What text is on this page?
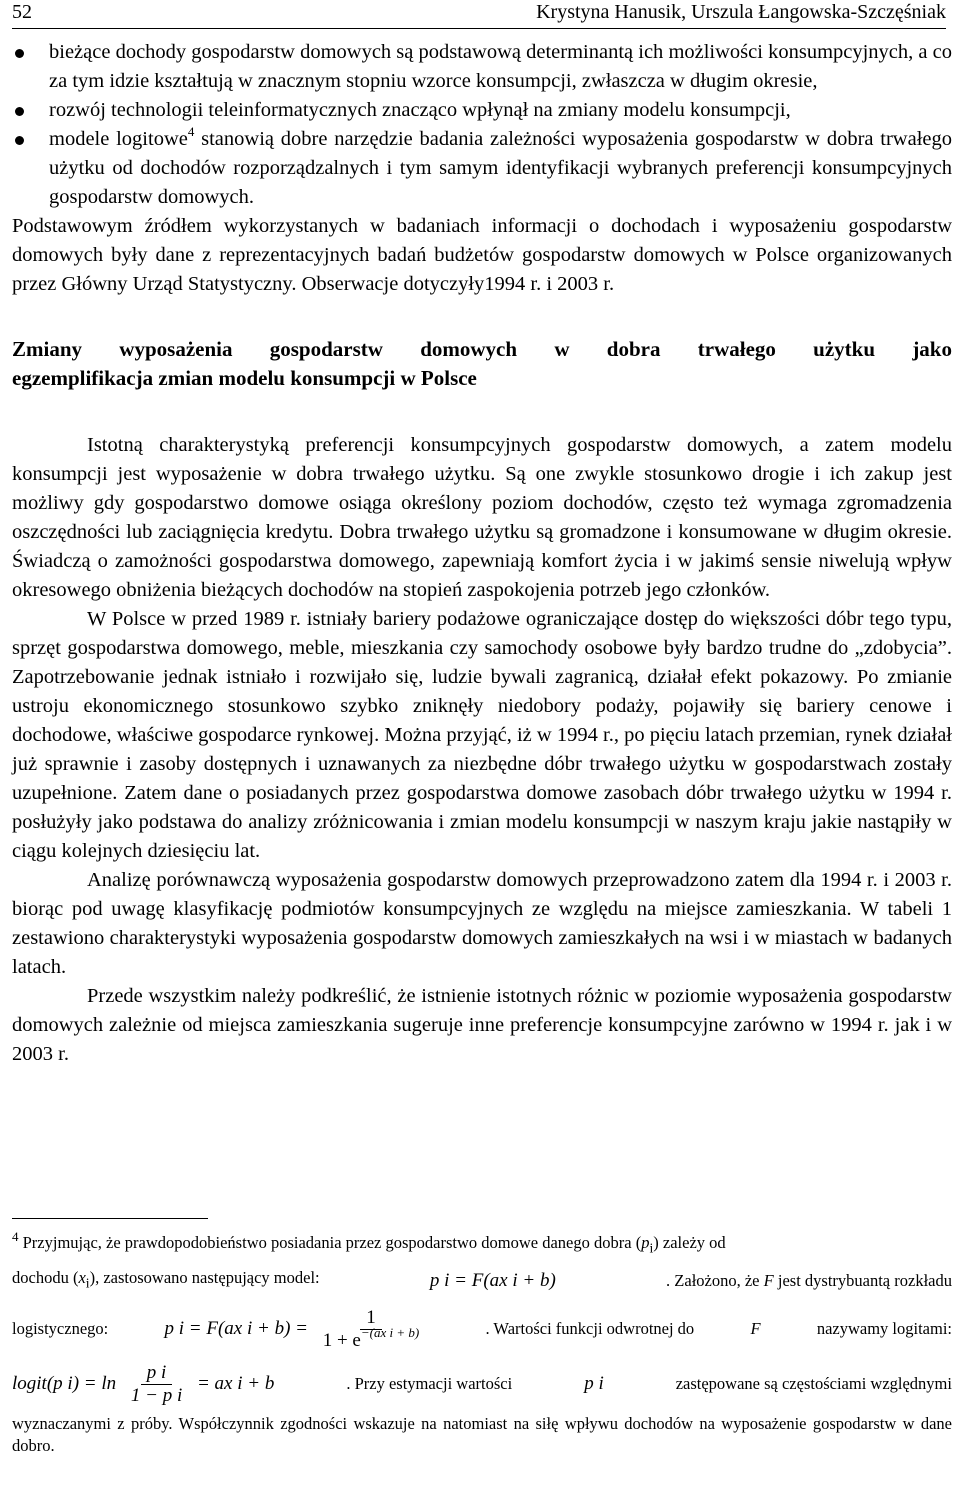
52	Krystyna Hanusik, Urszula Łangowska-Szczęśniak
bieżące dochody gospodarstw domowych są podstawową determinantą ich możliwości konsumpcyjnych, a co za tym idzie kształtują w znacznym stopniu wzorce konsumpcji, zwłaszcza w długim okresie,
rozwój technologii teleinformatycznych znacząco wpłynął na zmiany modelu konsumpcji,
modele logitowe$^4$ stanowią dobre narzędzie badania zależności wyposażenia gospodarstw w dobra trwałego użytku od dochodów rozporządzalnych i tym samym identyfikacji wybranych preferencji konsumpcyjnych gospodarstw domowych.

Podstawowym źródłem wykorzystanych w badaniach informacji o dochodach i wyposażeniu gospodarstw domowych były dane z reprezentacyjnych badań budżetów gospodarstw domowych w Polsce organizowanych przez Główny Urząd Statystyczny. Obserwacje dotyczyły1994 r. i 2003 r.

Zmiany wyposażenia gospodarstw domowych w dobra trwałego użytku jako
egzemplifikacja zmian modelu konsumpcji w Polsce

Istotną charakterystyką preferencji konsumpcyjnych gospodarstw domowych, a zatem modelu konsumpcji jest wyposażenie w dobra trwałego użytku. Są one zwykle stosunkowo drogie i ich zakup jest możliwy gdy gospodarstwo domowe osiąga określony poziom dochodów, często też wymaga zgromadzenia oszczędności lub zaciągnięcia kredytu. Dobra trwałego użytku są gromadzone i konsumowane w długim okresie. Świadczą o zamożności gospodarstwa domowego, zapewniają komfort życia i w jakimś sensie niwelują wpływ okresowego obniżenia bieżących dochodów na stopień zaspokojenia potrzeb jego członków.

W Polsce w przed 1989 r. istniały bariery podażowe ograniczające dostęp do większości dóbr tego typu, sprzęt gospodarstwa domowego, meble, mieszkania czy samochody osobowe były bardzo trudne do „zdobycia”. Zapotrzebowanie jednak istniało i rozwijało się, ludzie bywali zagranicą, działał efekt pokazowy. Po zmianie ustroju ekonomicznego stosunkowo szybko zniknęły niedobory podaży, pojawiły się bariery cenowe i dochodowe, właściwe gospodarce rynkowej. Można przyjąć, iż w 1994 r., po pięciu latach przemian, rynek działał już sprawnie i zasoby dostępnych i uznawanych za niezbędne dóbr trwałego użytku w gospodarstwach zostały uzupełnione. Zatem dane o posiadanych przez gospodarstwa domowe zasobach dóbr trwałego użytku w 1994 r. posłużyły jako podstawa do analizy zróżnicowania i zmian modelu konsumpcji w naszym kraju jakie nastąpiły w ciągu kolejnych dziesięciu lat.

Analizę porównawczą wyposażenia gospodarstw domowych przeprowadzono zatem dla 1994 r. i 2003 r. biorąc pod uwagę klasyfikację podmiotów konsumpcyjnych ze względu na miejsce zamieszkania. W tabeli 1 zestawiono charakterystyki wyposażenia gospodarstw domowych zamieszkałych na wsi i w miastach w badanych latach.

Przede wszystkim należy podkreślić, że istnienie istotnych różnic w poziomie wyposażenia gospodarstw domowych zależnie od miejsca zamieszkania sugeruje inne preferencje konsumpcyjne zarówno w 1994 r. jak i w 2003 r.

$^4$ Przyjmując, że prawdopodobieństwo posiadania przez gospodarstwo domowe danego dobra $(p_i)$ zależy od

dochodu $(x_i)$, zastosowano następujący model:	p i = F(ax i + b)	. Założono, że F jest dystrybuantą rozkładu

logistycznego:	p i = F(ax $i + b) = \frac{1}{1 + e^{-(ax i + b)}}$	. Wartości funkcji odwrotnej do	F	nazywamy logitami:

logit(p $i) = \ln \frac{\text{p i}}{\text{1 − p i}}$ = ax i + b	. Przy estymacji wartości	p i	zastępowane są częstościami względnymi

wyznaczanymi z próby. Współczynnik zgodności wskazuje na natomiast na siłę wpływu dochodów na wyposażenie gospodarstw w dane dobro.
